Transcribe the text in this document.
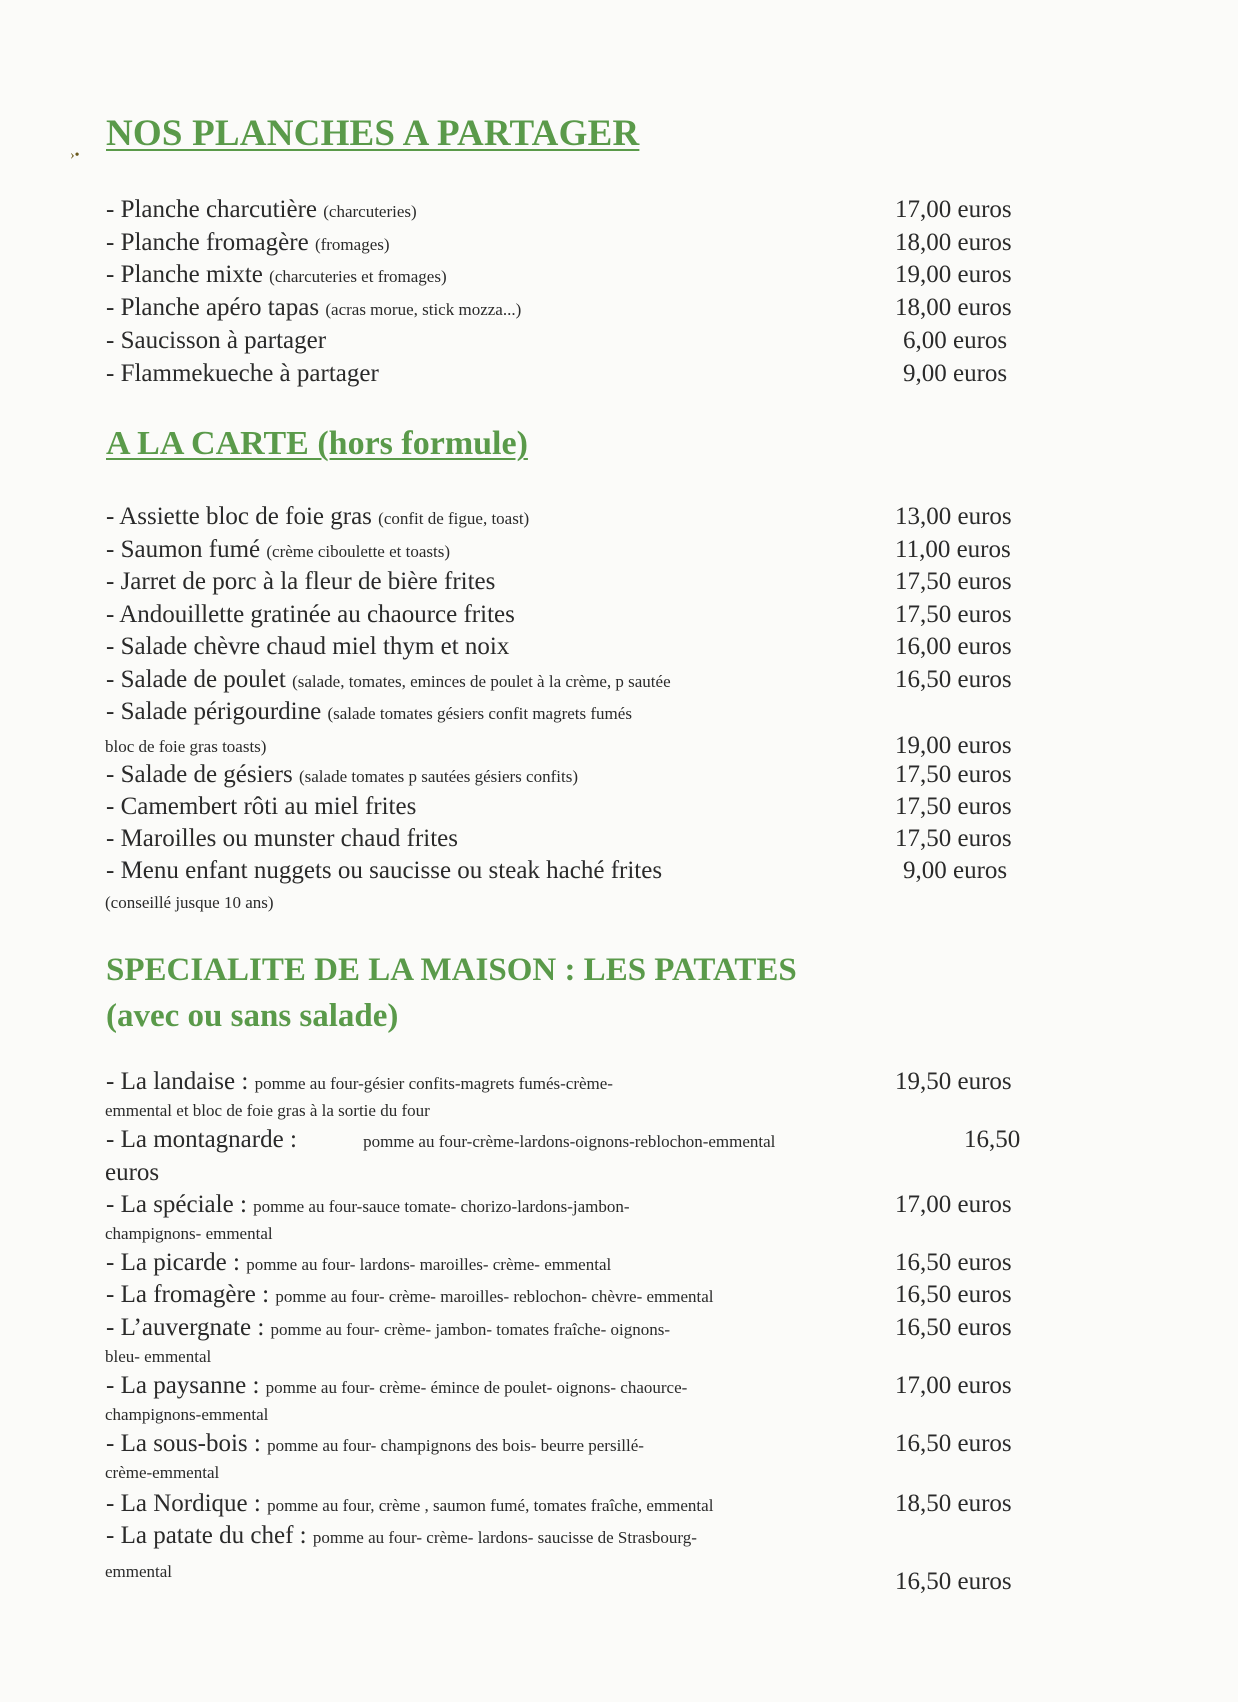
›•
NOS PLANCHES A PARTAGER
- Planche charcutière (charcuteries)	17,00 euros
- Planche fromagère (fromages)	18,00 euros
- Planche mixte (charcuteries et fromages)	19,00 euros
- Planche apéro tapas (acras morue, stick mozza...)	18,00 euros
- Saucisson à partager	6,00 euros
- Flammekueche à partager	9,00 euros
A LA CARTE (hors formule)
- Assiette bloc de foie gras (confit de figue, toast)	13,00 euros
- Saumon fumé (crème ciboulette et toasts)	11,00 euros
- Jarret de porc à la fleur de bière frites	17,50 euros
- Andouillette gratinée au chaource frites	17,50 euros
- Salade chèvre chaud miel thym et noix	16,00 euros
- Salade de poulet (salade, tomates, eminces de poulet à la crème, p sautée	16,50 euros
- Salade périgourdine (salade tomates gésiers confit magrets fumés
bloc de foie gras toasts)	19,00 euros
- Salade de gésiers (salade tomates p sautées gésiers confits)	17,50 euros
- Camembert rôti au miel frites	17,50 euros
- Maroilles ou munster chaud frites	17,50 euros
- Menu enfant nuggets ou saucisse ou steak haché frites
(conseillé jusque 10 ans)
9,00 euros
SPECIALITE DE LA MAISON : LES PATATES
(avec ou sans salade)
- La landaise : pomme au four-gésier confits-magrets fumés-crème-
emmental et bloc de foie gras à la sortie du four
19,50 euros
- La montagnarde :	pomme au four-crème-lardons-oignons-reblochon-emmental	16,50
euros
- La spéciale : pomme au four-sauce tomate- chorizo-lardons-jambon-
champignons- emmental
17,00 euros
- La picarde : pomme au four- lardons- maroilles- crème- emmental	16,50 euros
- La fromagère : pomme au four- crème- maroilles- reblochon- chèvre- emmental	16,50 euros
- L’auvergnate : pomme au four- crème- jambon- tomates fraîche- oignons-
bleu- emmental
16,50 euros
- La paysanne : pomme au four- crème- émince de poulet- oignons- chaource-
champignons-emmental
17,00 euros
- La sous-bois : pomme au four- champignons des bois- beurre persillé-
crème-emmental
16,50 euros
- La Nordique : pomme au four, crème , saumon fumé, tomates fraîche, emmental	18,50 euros
- La patate du chef : pomme au four- crème- lardons- saucisse de Strasbourg-
emmental	16,50 euros
